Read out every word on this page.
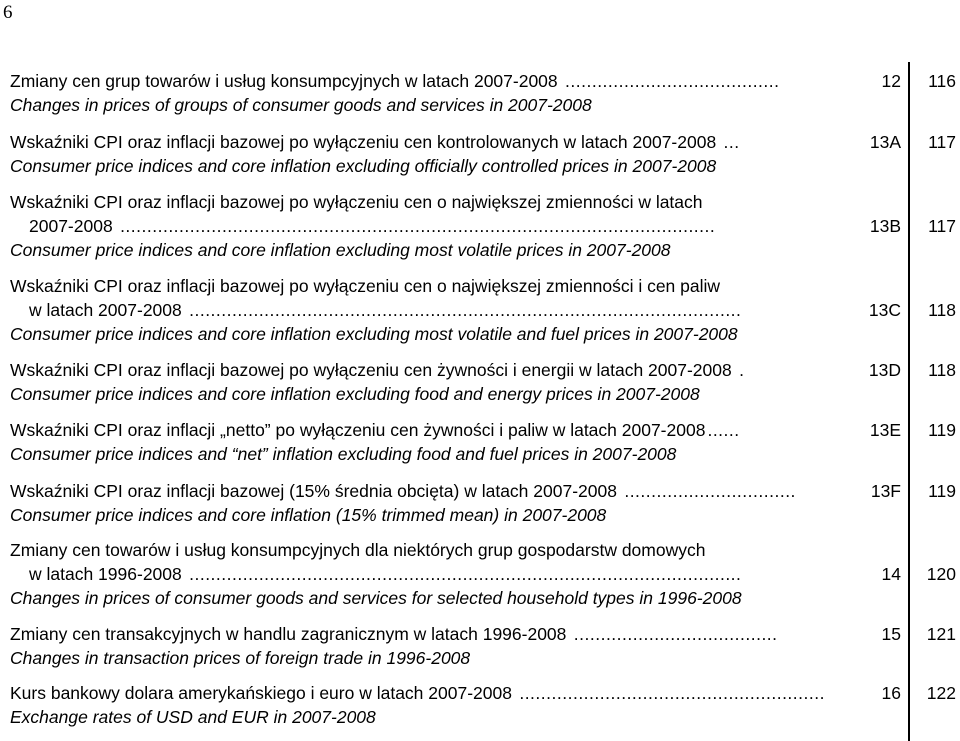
6
Zmiany cen grup towarów i usług konsumpcyjnych w latach 2007-2008 ........................................
Changes in prices of groups of consumer goods and services in 2007-2008
12	116
Wskaźniki CPI oraz inflacji bazowej po wyłączeniu cen kontrolowanych w latach 2007-2008 ...
Consumer price indices and core inflation excluding officially controlled prices in 2007-2008
13A	117
Wskaźniki CPI oraz inflacji bazowej po wyłączeniu cen o największej zmienności w latach
2007-2008 ...............................................................................................................
Consumer price indices and core inflation excluding most volatile prices in 2007-2008
13B	117
Wskaźniki CPI oraz inflacji bazowej po wyłączeniu cen o największej zmienności i cen paliw
w latach 2007-2008 .......................................................................................................
Consumer price indices and core inflation excluding most volatile and fuel prices in 2007-2008
13C	118
Wskaźniki CPI oraz inflacji bazowej po wyłączeniu cen żywności i energii w latach 2007-2008 .
Consumer price indices and core inflation excluding food and energy prices in 2007-2008
13D	118
Wskaźniki CPI oraz inflacji „netto” po wyłączeniu cen żywności i paliw w latach 2007-2008 ......
Consumer price indices and “net” inflation excluding food and fuel prices in 2007-2008
13E	119
Wskaźniki CPI oraz inflacji bazowej (15% średnia obcięta) w latach 2007-2008 ................................
Consumer price indices and core inflation (15% trimmed mean) in 2007-2008
13F	119
Zmiany cen towarów i usług konsumpcyjnych dla niektórych grup gospodarstw domowych
w latach 1996-2008 .......................................................................................................
Changes in prices of consumer goods and services for selected household types in 1996-2008
14	120
Zmiany cen transakcyjnych w handlu zagranicznym w latach 1996-2008 ......................................
Changes in transaction prices of foreign trade in 1996-2008
15	121
Kurs bankowy dolara amerykańskiego i euro w latach 2007-2008 .........................................................
Exchange rates of USD and EUR in 2007-2008
16	122
